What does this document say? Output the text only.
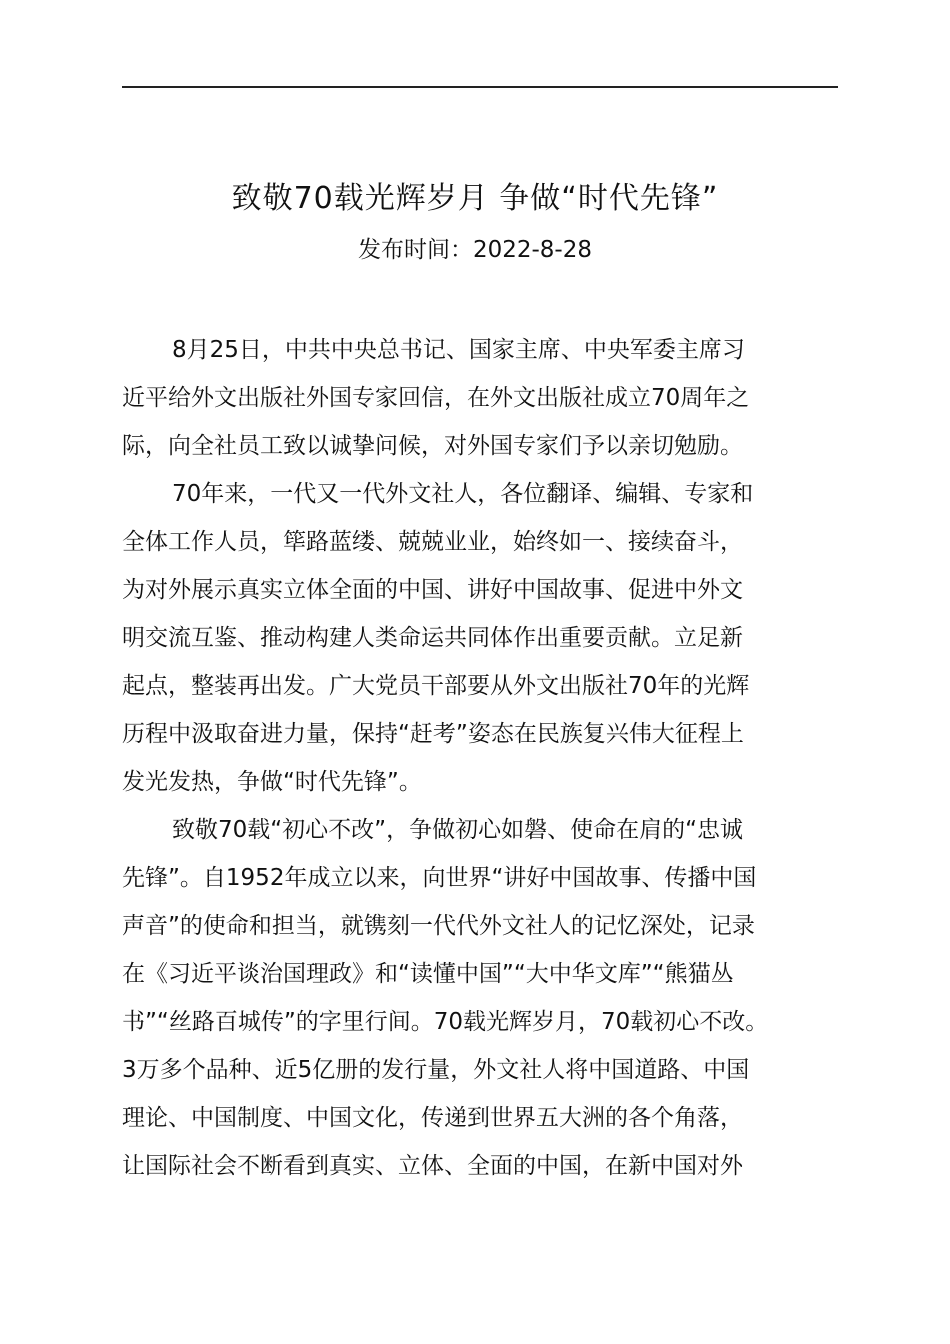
致敬70载光辉岁月 争做“时代先锋”
发布时间：2022-8-28
8月25日，中共中央总书记、国家主席、中央军委主席习
近平给外文出版社外国专家回信，在外文出版社成立70周年之
际，向全社员工致以诚挚问候，对外国专家们予以亲切勉励。
70年来，一代又一代外文社人，各位翻译、编辑、专家和
全体工作人员，筚路蓝缕、兢兢业业，始终如一、接续奋斗，
为对外展示真实立体全面的中国、讲好中国故事、促进中外文
明交流互鉴、推动构建人类命运共同体作出重要贡献。立足新
起点，整装再出发。广大党员干部要从外文出版社70年的光辉
历程中汲取奋进力量，保持“赶考”姿态在民族复兴伟大征程上
发光发热，争做“时代先锋”。
致敬70载“初心不改”，争做初心如磐、使命在肩的“忠诚
先锋”。自1952年成立以来，向世界“讲好中国故事、传播中国
声音”的使命和担当，就镌刻一代代外文社人的记忆深处，记录
在《习近平谈治国理政》和“读懂中国”“大中华文库”“熊猫丛
书”“丝路百城传”的字里行间。70载光辉岁月，70载初心不改。
3万多个品种、近5亿册的发行量，外文社人将中国道路、中国
理论、中国制度、中国文化，传递到世界五大洲的各个角落，
让国际社会不断看到真实、立体、全面的中国，在新中国对外
